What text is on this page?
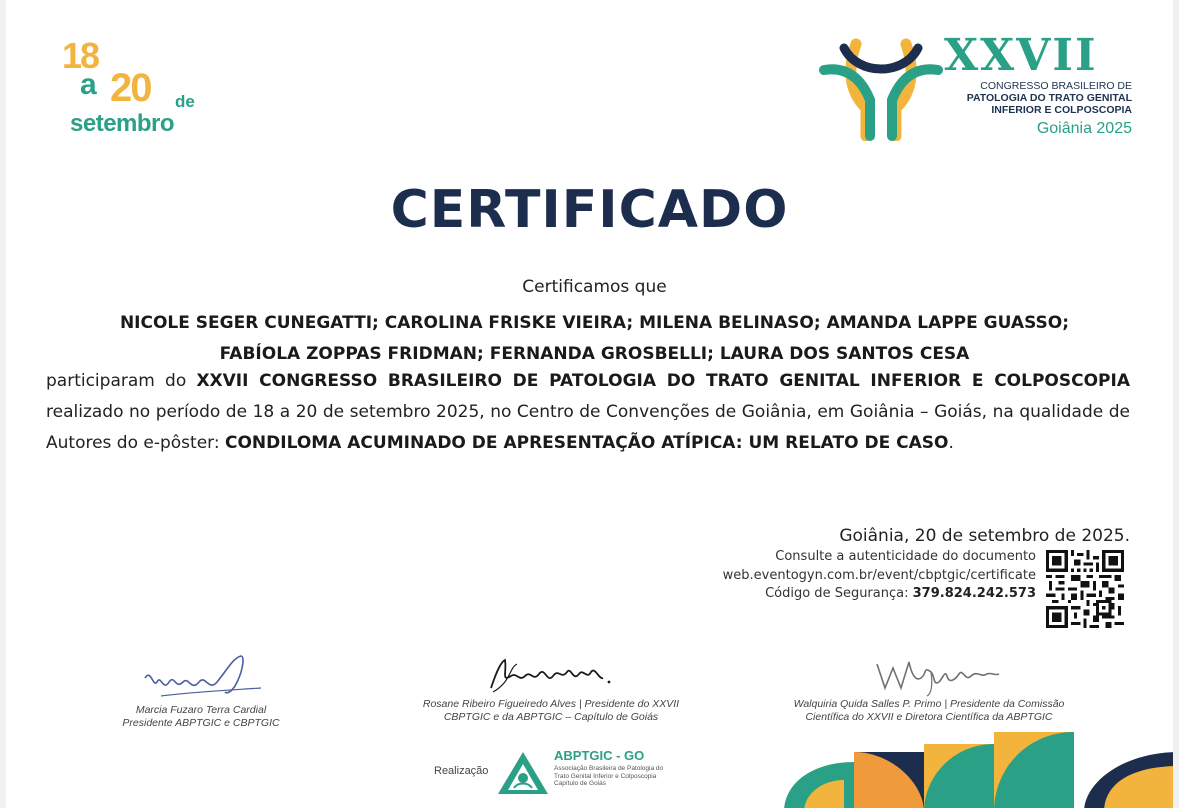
18
a 20 de
setembro
XXVII
CONGRESSO BRASILEIRO DE
PATOLOGIA DO TRATO GENITAL
INFERIOR E COLPOSCOPIA
Goiânia 2025
CERTIFICADO
Certificamos que
NICOLE SEGER CUNEGATTI; CAROLINA FRISKE VIEIRA; MILENA BELINASO; AMANDA LAPPE GUASSO;
FABÍOLA ZOPPAS FRIDMAN; FERNANDA GROSBELLI; LAURA DOS SANTOS CESA
participaram do XXVII CONGRESSO BRASILEIRO DE PATOLOGIA DO TRATO GENITAL INFERIOR E COLPOSCOPIA realizado no período de 18 a 20 de setembro 2025, no Centro de Convenções de Goiânia, em Goiânia – Goiás, na qualidade de Autores do e-pôster: CONDILOMA ACUMINADO DE APRESENTAÇÃO ATÍPICA: UM RELATO DE CASO.
Goiânia, 20 de setembro de 2025.
Consulte a autenticidade do documento
web.eventogyn.com.br/event/cbptgic/certificate
Código de Segurança: 379.824.242.573
Marcia Fuzaro Terra Cardial
Presidente ABPTGIC e CBPTGIC
Rosane Ribeiro Figueiredo Alves | Presidente do XXVII
CBPTGIC e da ABPTGIC – Capítulo de Goiás
Walquiria Quida Salles P. Primo | Presidente da Comissão
Científica do XXVII e Diretora Científica da ABPTGIC
Realização
ABPTGIC - GO
Associação Brasileira de Patologia do
Trato Genital Inferior e Colposcopia
Capítulo de Goiás
